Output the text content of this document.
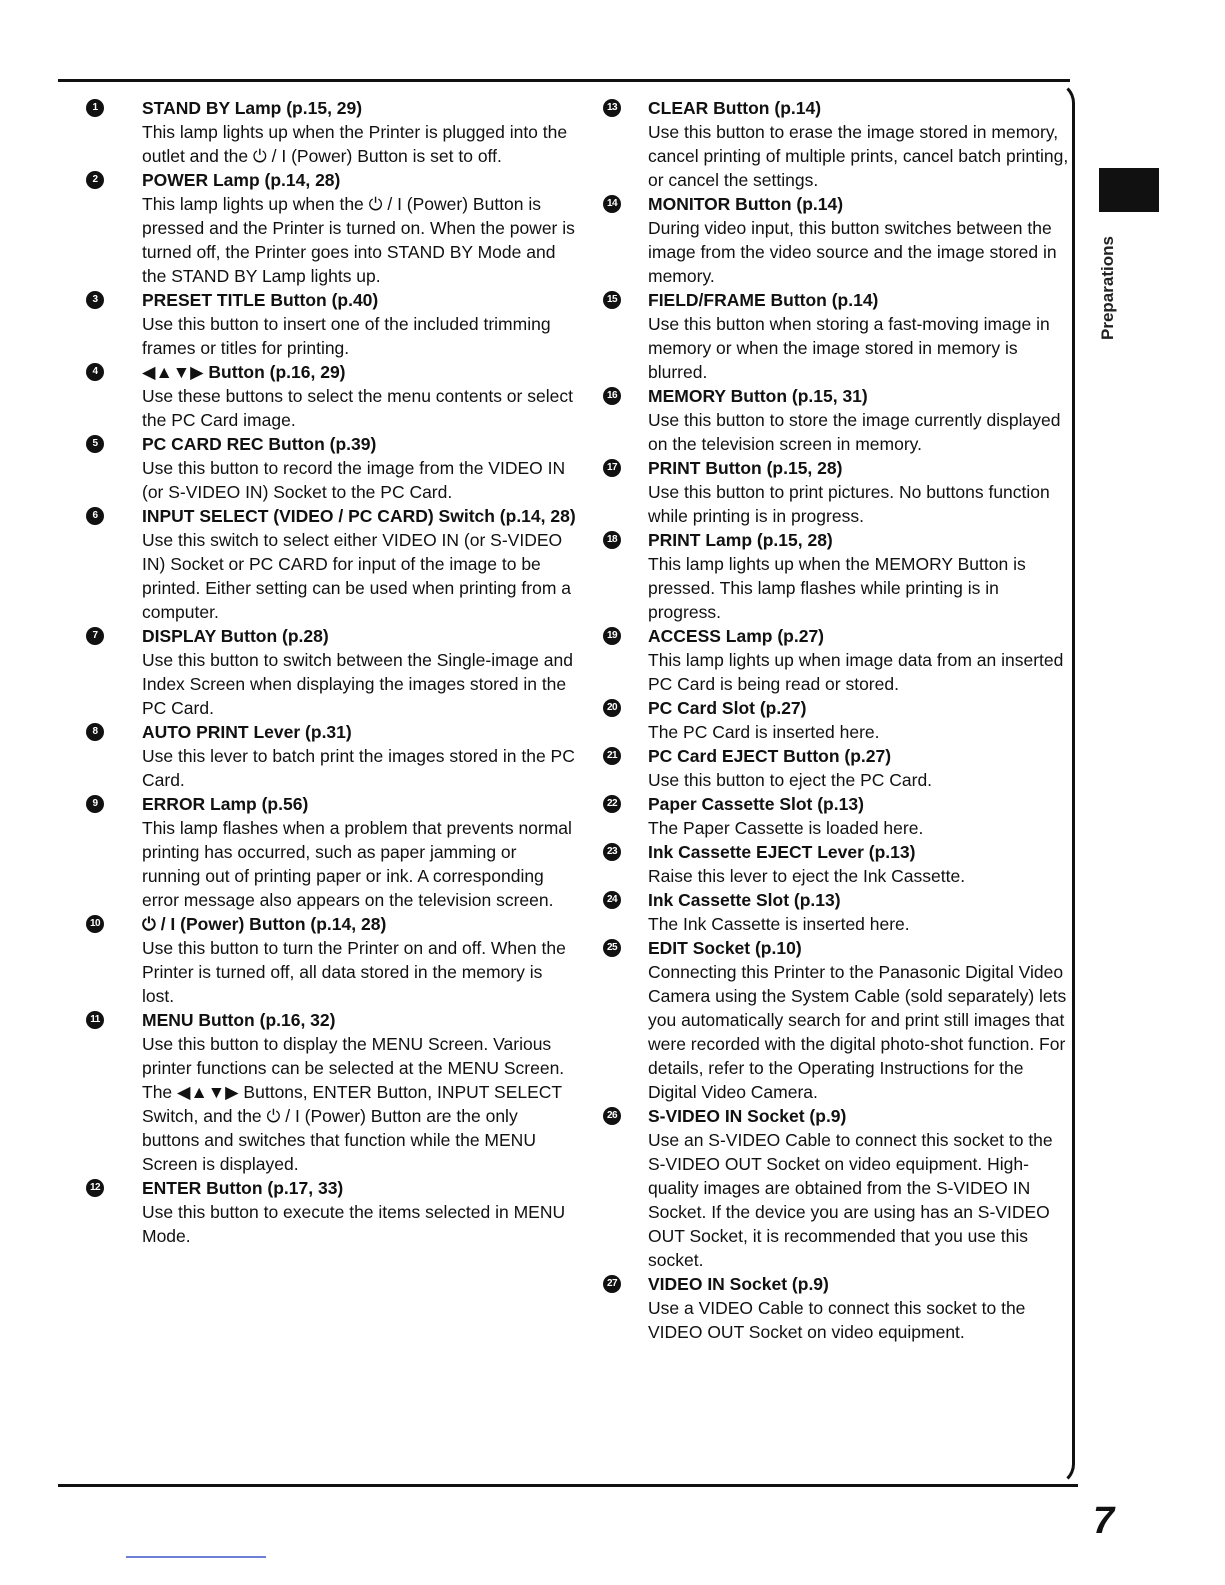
Preparations
7
1	STAND BY Lamp (p.15, 29)
This lamp lights up when the Printer is plugged into the outlet and the ⏻ / I (Power) Button is set to off.
2	POWER Lamp (p.14, 28)
This lamp lights up when the ⏻ / I (Power) Button is pressed and the Printer is turned on. When the power is turned off, the Printer goes into STAND BY Mode and the STAND BY Lamp lights up.
3	PRESET TITLE Button (p.40)
Use this button to insert one of the included trimming frames or titles for printing.
4	◀▲▼▶ Button (p.16, 29)
Use these buttons to select the menu contents or select the PC Card image.
5	PC CARD REC Button (p.39)
Use this button to record the image from the VIDEO IN (or S-VIDEO IN) Socket to the PC Card.
6	INPUT SELECT (VIDEO / PC CARD) Switch (p.14, 28)
Use this switch to select either VIDEO IN (or S-VIDEO IN) Socket or PC CARD for input of the image to be printed. Either setting can be used when printing from a computer.
7	DISPLAY Button (p.28)
Use this button to switch between the Single-image and Index Screen when displaying the images stored in the PC Card.
8	AUTO PRINT Lever (p.31)
Use this lever to batch print the images stored in the PC Card.
9	ERROR Lamp (p.56)
This lamp flashes when a problem that prevents normal printing has occurred, such as paper jamming or running out of printing paper or ink. A corresponding error message also appears on the television screen.
10 ⏻ / I (Power) Button (p.14, 28)
Use this button to turn the Printer on and off. When the Printer is turned off, all data stored in the memory is lost.
11 MENU Button (p.16, 32)
Use this button to display the MENU Screen. Various printer functions can be selected at the MENU Screen. The ◀▲▼▶ Buttons, ENTER Button, INPUT SELECT Switch, and the ⏻ / I (Power) Button are the only buttons and switches that function while the MENU Screen is displayed.
12 ENTER Button (p.17, 33)
Use this button to execute the items selected in MENU Mode.
13 CLEAR Button (p.14)
Use this button to erase the image stored in memory, cancel printing of multiple prints, cancel batch printing, or cancel the settings.
14 MONITOR Button (p.14)
During video input, this button switches between the image from the video source and the image stored in memory.
15 FIELD/FRAME Button (p.14)
Use this button when storing a fast-moving image in memory or when the image stored in memory is blurred.
16 MEMORY Button (p.15, 31)
Use this button to store the image currently displayed on the television screen in memory.
17 PRINT Button (p.15, 28)
Use this button to print pictures. No buttons function while printing is in progress.
18 PRINT Lamp (p.15, 28)
This lamp lights up when the MEMORY Button is pressed. This lamp flashes while printing is in progress.
19 ACCESS Lamp (p.27)
This lamp lights up when image data from an inserted PC Card is being read or stored.
20 PC Card Slot (p.27)
The PC Card is inserted here.
21 PC Card EJECT Button (p.27)
Use this button to eject the PC Card.
22 Paper Cassette Slot (p.13)
The Paper Cassette is loaded here.
23 Ink Cassette EJECT Lever (p.13)
Raise this lever to eject the Ink Cassette.
24 Ink Cassette Slot (p.13)
The Ink Cassette is inserted here.
25 EDIT Socket (p.10)
Connecting this Printer to the Panasonic Digital Video Camera using the System Cable (sold separately) lets you automatically search for and print still images that were recorded with the digital photo-shot function. For details, refer to the Operating Instructions for the Digital Video Camera.
26 S-VIDEO IN Socket (p.9)
Use an S-VIDEO Cable to connect this socket to the S-VIDEO OUT Socket on video equipment. High-quality images are obtained from the S-VIDEO IN Socket. If the device you are using has an S-VIDEO OUT Socket, it is recommended that you use this socket.
27 VIDEO IN Socket (p.9)
Use a VIDEO Cable to connect this socket to the VIDEO OUT Socket on video equipment.
